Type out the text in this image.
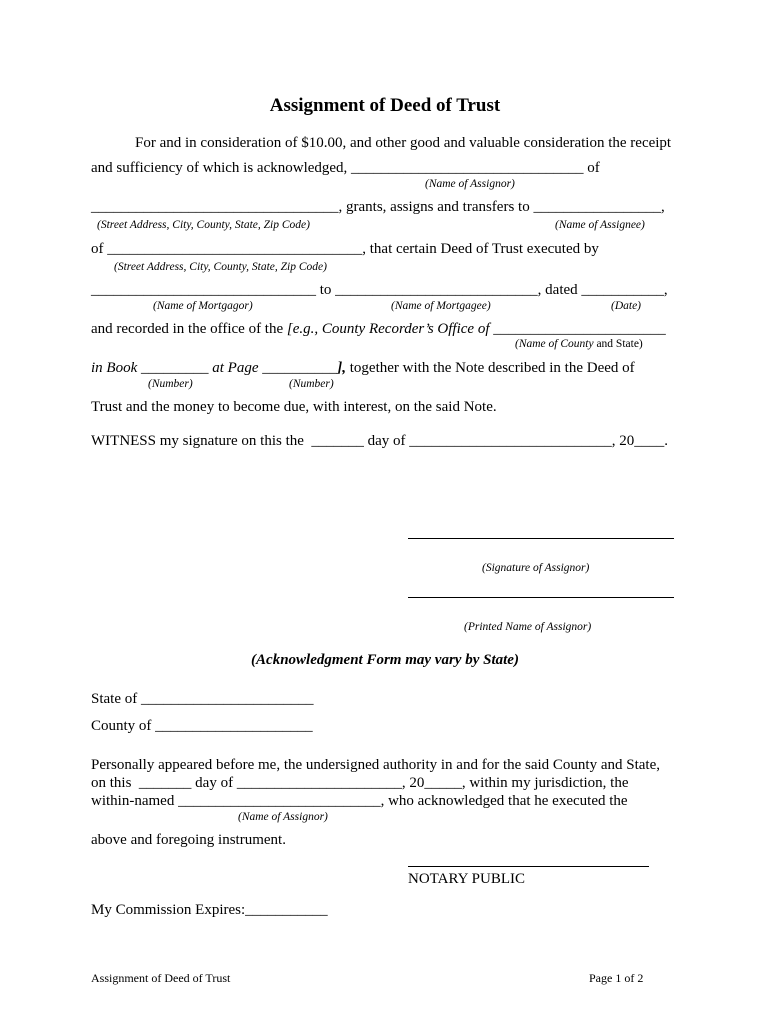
Assignment of Deed of Trust
For and in consideration of $10.00, and other good and valuable consideration the receipt
and sufficiency of which is acknowledged, _______________________________ of
(Name of Assignor)
_________________________________, grants, assigns and transfers to _________________,
(Street Address, City, County, State, Zip Code)	(Name of Assignee)
of __________________________________, that certain Deed of Trust executed by
(Street Address, City, County, State, Zip Code)
______________________________ to ___________________________, dated ___________,
(Name of Mortgagor)	(Name of Mortgagee)	(Date)
and recorded in the office of the [e.g., County Recorder’s Office of _______________________
(Name of County and State)
in Book _________ at Page __________], together with the Note described in the Deed of
(Number)	(Number)
Trust and the money to become due, with interest, on the said Note.
WITNESS my signature on this the  _______ day of ___________________________, 20____.
(Signature of Assignor)
(Printed Name of Assignor)
(Acknowledgment Form may vary by State)
State of _______________________
County of _____________________
Personally appeared before me, the undersigned authority in and for the said County and State,
on this  _______ day of ______________________, 20_____, within my jurisdiction, the
within-named ___________________________, who acknowledged that he executed the
(Name of Assignor)
above and foregoing instrument.
NOTARY PUBLIC
My Commission Expires:___________
Assignment of Deed of Trust	Page 1 of 2
